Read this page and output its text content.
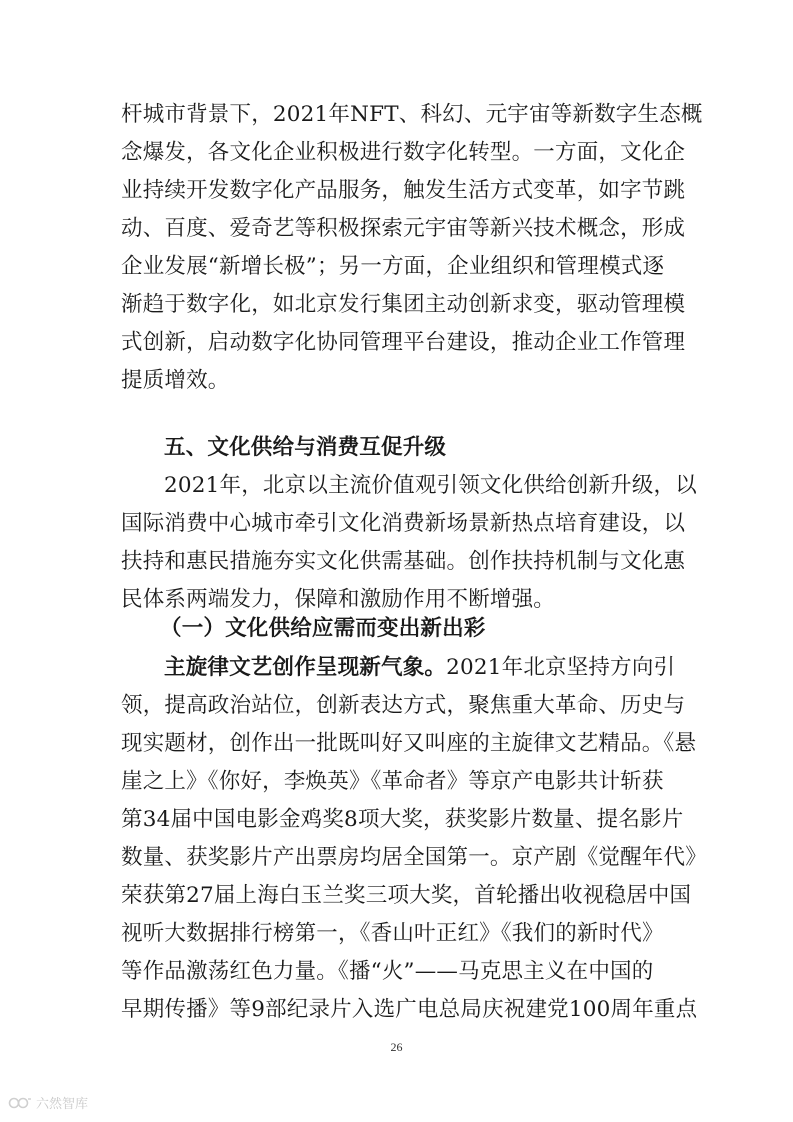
杆城市背景下，2021年NFT、科幻、元宇宙等新数字生态概
念爆发，各文化企业积极进行数字化转型。一方面，文化企
业持续开发数字化产品服务，触发生活方式变革，如字节跳
动、百度、爱奇艺等积极探索元宇宙等新兴技术概念，形成
企业发展“新增长极”；另一方面，企业组织和管理模式逐
渐趋于数字化，如北京发行集团主动创新求变，驱动管理模
式创新，启动数字化协同管理平台建设，推动企业工作管理
提质增效。
五、文化供给与消费互促升级
2021年，北京以主流价值观引领文化供给创新升级，以
国际消费中心城市牵引文化消费新场景新热点培育建设，以
扶持和惠民措施夯实文化供需基础。创作扶持机制与文化惠
民体系两端发力，保障和激励作用不断增强。
（一）文化供给应需而变出新出彩
主旋律文艺创作呈现新气象。2021年北京坚持方向引
领，提高政治站位，创新表达方式，聚焦重大革命、历史与
现实题材，创作出一批既叫好又叫座的主旋律文艺精品。《悬
崖之上》《你好，李焕英》《革命者》等京产电影共计斩获
第34届中国电影金鸡奖8项大奖，获奖影片数量、提名影片
数量、获奖影片产出票房均居全国第一。京产剧《觉醒年代》
荣获第27届上海白玉兰奖三项大奖，首轮播出收视稳居中国
视听大数据排行榜第一，《香山叶正红》《我们的新时代》
等作品激荡红色力量。《播“火”——马克思主义在中国的
早期传播》等9部纪录片入选广电总局庆祝建党100周年重点
26
六然智库
